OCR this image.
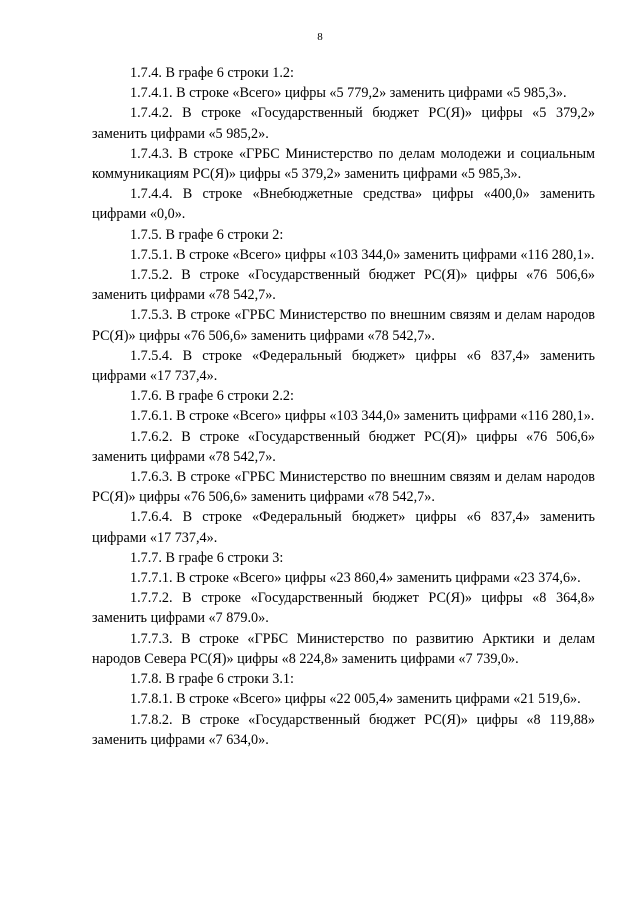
8

1.7.4. В графе 6 строки 1.2:

1.7.4.1. В строке «Всего» цифры «5 779,2» заменить цифрами «5 985,3».

1.7.4.2. В строке «Государственный бюджет РС(Я)» цифры «5 379,2» заменить цифрами «5 985,2».

1.7.4.3. В строке «ГРБС Министерство по делам молодежи и социальным коммуникациям РС(Я)» цифры «5 379,2» заменить цифрами «5 985,3».

1.7.4.4. В строке «Внебюджетные средства» цифры «400,0» заменить цифрами «0,0».

1.7.5. В графе 6 строки 2:

1.7.5.1. В строке «Всего» цифры «103 344,0» заменить цифрами «116 280,1».

1.7.5.2. В строке «Государственный бюджет РС(Я)» цифры «76 506,6» заменить цифрами «78 542,7».

1.7.5.3. В строке «ГРБС Министерство по внешним связям и делам народов РС(Я)» цифры «76 506,6» заменить цифрами «78 542,7».

1.7.5.4. В строке «Федеральный бюджет» цифры «6 837,4» заменить цифрами «17 737,4».

1.7.6. В графе 6 строки 2.2:

1.7.6.1. В строке «Всего» цифры «103 344,0» заменить цифрами «116 280,1».

1.7.6.2. В строке «Государственный бюджет РС(Я)» цифры «76 506,6» заменить цифрами «78 542,7».

1.7.6.3. В строке «ГРБС Министерство по внешним связям и делам народов РС(Я)» цифры «76 506,6» заменить цифрами «78 542,7».

1.7.6.4. В строке «Федеральный бюджет» цифры «6 837,4» заменить цифрами «17 737,4».

1.7.7. В графе 6 строки 3:

1.7.7.1. В строке «Всего» цифры «23 860,4» заменить цифрами «23 374,6».

1.7.7.2. В строке «Государственный бюджет РС(Я)» цифры «8 364,8» заменить цифрами «7 879.0».

1.7.7.3. В строке «ГРБС Министерство по развитию Арктики и делам народов Севера РС(Я)» цифры «8 224,8» заменить цифрами «7 739,0».

1.7.8. В графе 6 строки 3.1:

1.7.8.1. В строке «Всего» цифры «22 005,4» заменить цифрами «21 519,6».

1.7.8.2. В строке «Государственный бюджет РС(Я)» цифры «8 119,88» заменить цифрами «7 634,0».
